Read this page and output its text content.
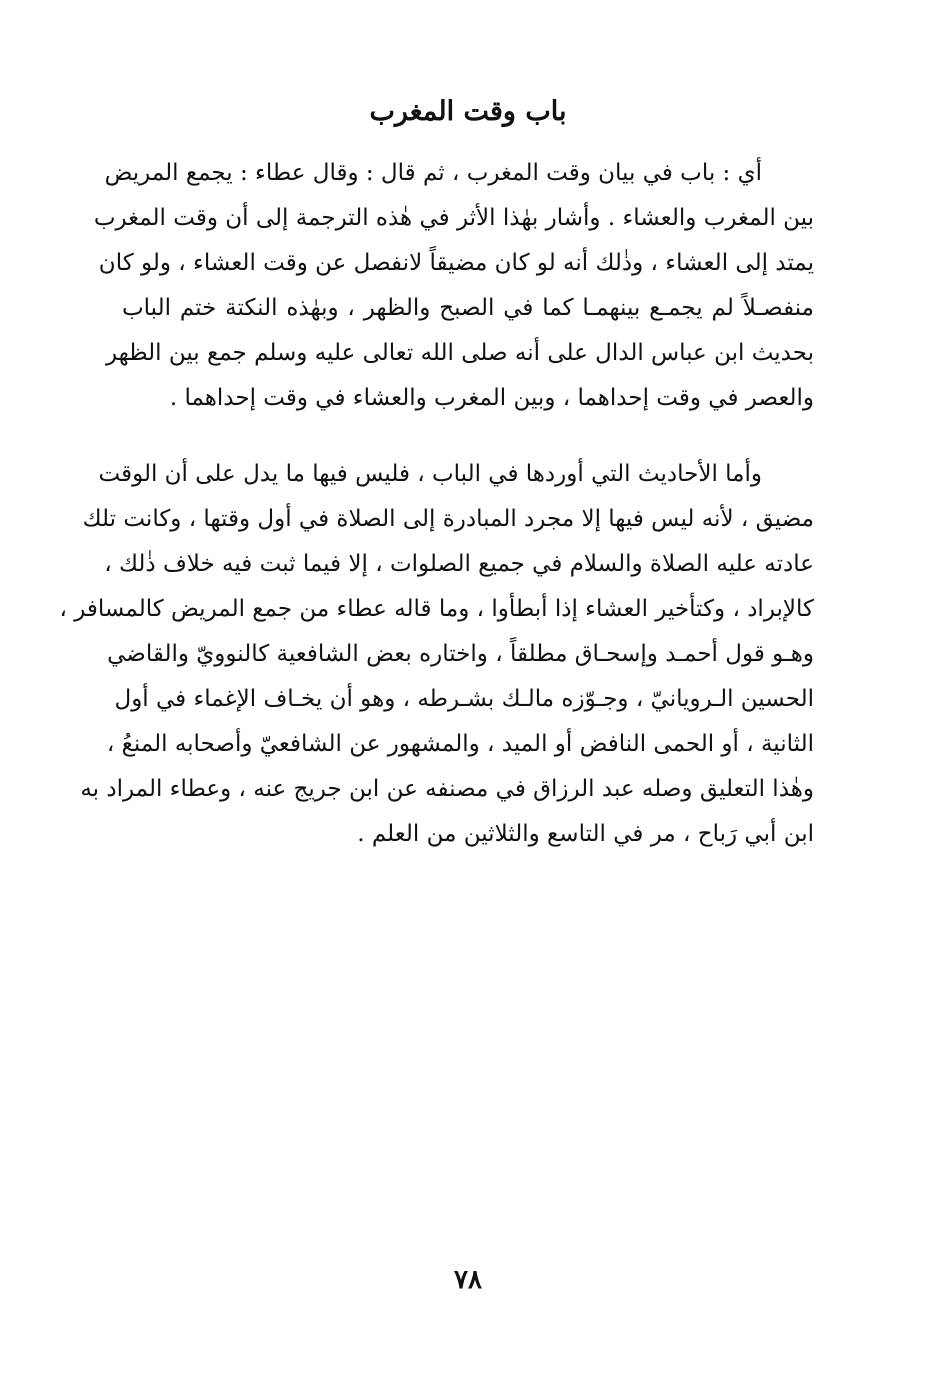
باب وقت المغرب
أي : باب في بيان وقت المغرب ، ثم قال : وقال عطاء : يجمع المريض
بين المغرب والعشاء . وأشار بهٰذا الأثر في هٰذه الترجمة إلى أن وقت المغرب
يمتد إلى العشاء ، وذٰلك أنه لو كان مضيقاً لانفصل عن وقت العشاء ، ولو كان
منفصـلاً لم يجمـع بينهمـا كما في الصبح والظهر ، وبهٰذه النكتة ختم الباب
بحديث ابن عباس الدال على أنه صلى الله تعالى عليه وسلم جمع بين الظهر
والعصر في وقت إحداهما ، وبين المغرب والعشاء في وقت إحداهما .
وأما الأحاديث التي أوردها في الباب ، فليس فيها ما يدل على أن الوقت
مضيق ، لأنه ليس فيها إلا مجرد المبادرة إلى الصلاة في أول وقتها ، وكانت تلك
عادته عليه الصلاة والسلام في جميع الصلوات ، إلا فيما ثبت فيه خلاف ذٰلك ،
كالإبراد ، وكتأخير العشاء إذا أبطأوا ، وما قاله عطاء من جمع المريض كالمسافر ،
وهـو قول أحمـد وإسحـاق مطلقاً ، واختاره بعض الشافعية كالنوويّ والقاضي
الحسين الـرويانيّ ، وجـوّزه مالـك بشـرطه ، وهو أن يخـاف الإغماء في أول
الثانية ، أو الحمى النافض أو الميد ، والمشهور عن الشافعيّ وأصحابه المنعُ ،
وهٰذا التعليق وصله عبد الرزاق في مصنفه عن ابن جريج عنه ، وعطاء المراد به
ابن أبي رَباح ، مر في التاسع والثلاثين من العلم .
٧٨
